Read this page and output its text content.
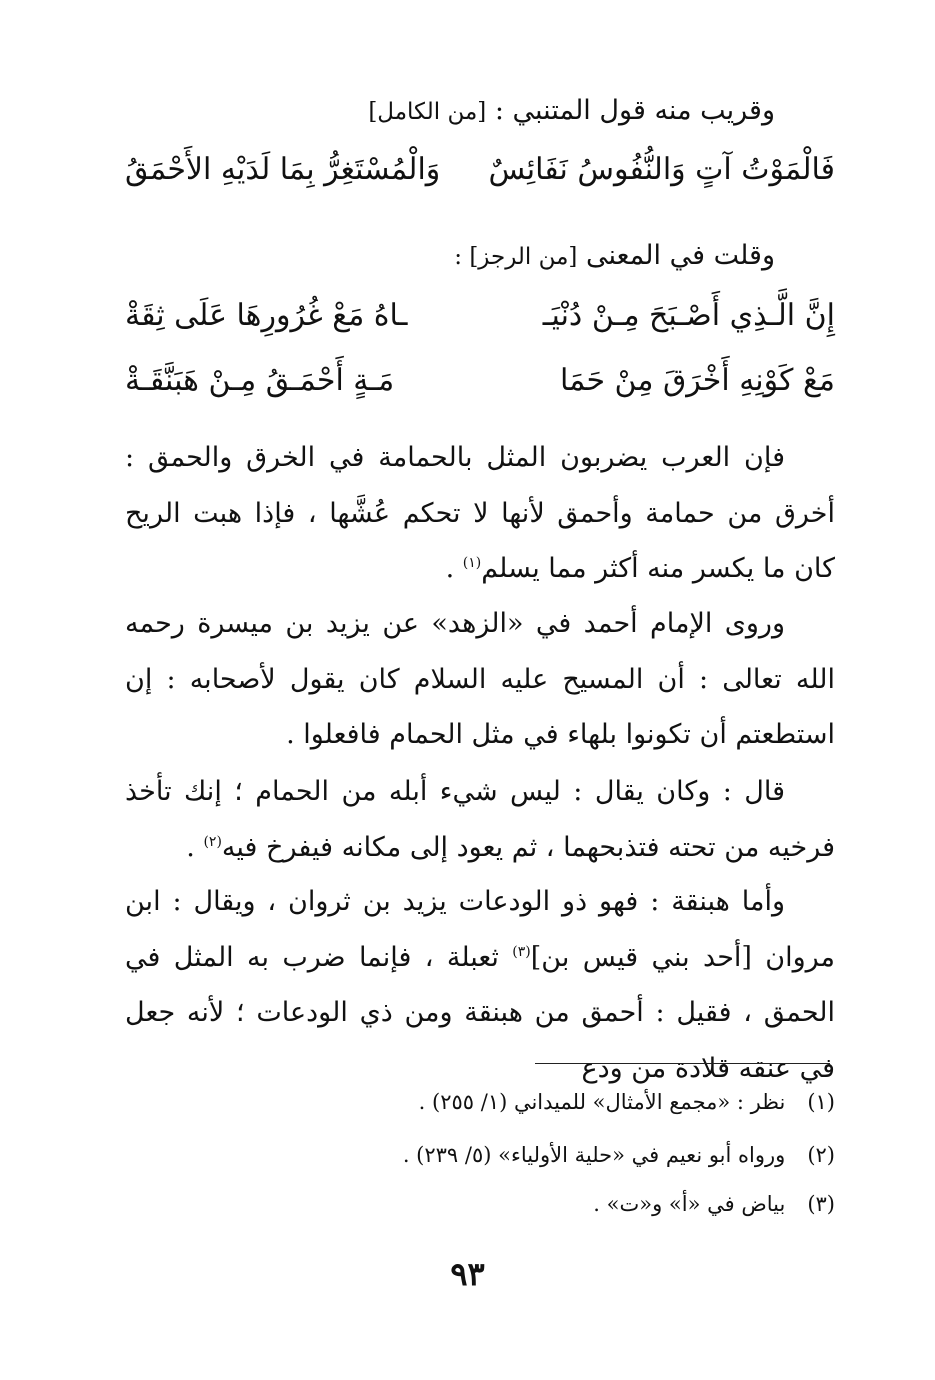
وقريب منه قول المتنبي : [من الكامل]
فَالْمَوْتُ آتٍ وَالنُّفُوسُ نَفَائِسٌ
وَالْمُسْتَغِرُّ بِمَا لَدَيْهِ الأَحْمَقُ
وقلت في المعنى [من الرجز] :
إِنَّ الَّـذِي أَصْـبَحَ مِـنْ دُنْيَـ
ـاهُ مَعْ غُرُورِهَا عَلَى ثِقَةْ
مَعْ كَوْنِهِ أَخْرَقَ مِنْ حَمَا
مَـةٍ أَحْمَـقُ مِـنْ هَبَنَّقَـةْ
فإن العرب يضربون المثل بالحمامة في الخرق والحمق : أخرق من حمامة وأحمق لأنها لا تحكم عُشَّها ، فإذا هبت الريح كان ما يكسر منه أكثر مما يسلم$^{(١)}$ .
وروى الإمام أحمد في «الزهد» عن يزيد بن ميسرة رحمه الله تعالى : أن المسيح عليه السلام كان يقول لأصحابه : إن استطعتم أن تكونوا بلهاء في مثل الحمام فافعلوا .
قال : وكان يقال : ليس شيء أبله من الحمام ؛ إنك تأخذ فرخيه من تحته فتذبحهما ، ثم يعود إلى مكانه فيفرخ فيه$^{(٢)}$ .
وأما هبنقة : فهو ذو الودعات يزيد بن ثروان ، ويقال : ابن مروان [أحد بني قيس بن]$^{(٣)}$ ثعبلة ، فإنما ضرب به المثل في الحمق ، فقيل : أحمق من هبنقة ومن ذي الودعات ؛ لأنه جعل في عنقه قلادة من ودع
(١)نظر : «مجمع الأمثال» للميداني (١/ ٢٥٥) .
(٢)ورواه أبو نعيم في «حلية الأولياء» (٥/ ٢٣٩) .
(٣)بياض في «أ» و«ت» .
٩٣
